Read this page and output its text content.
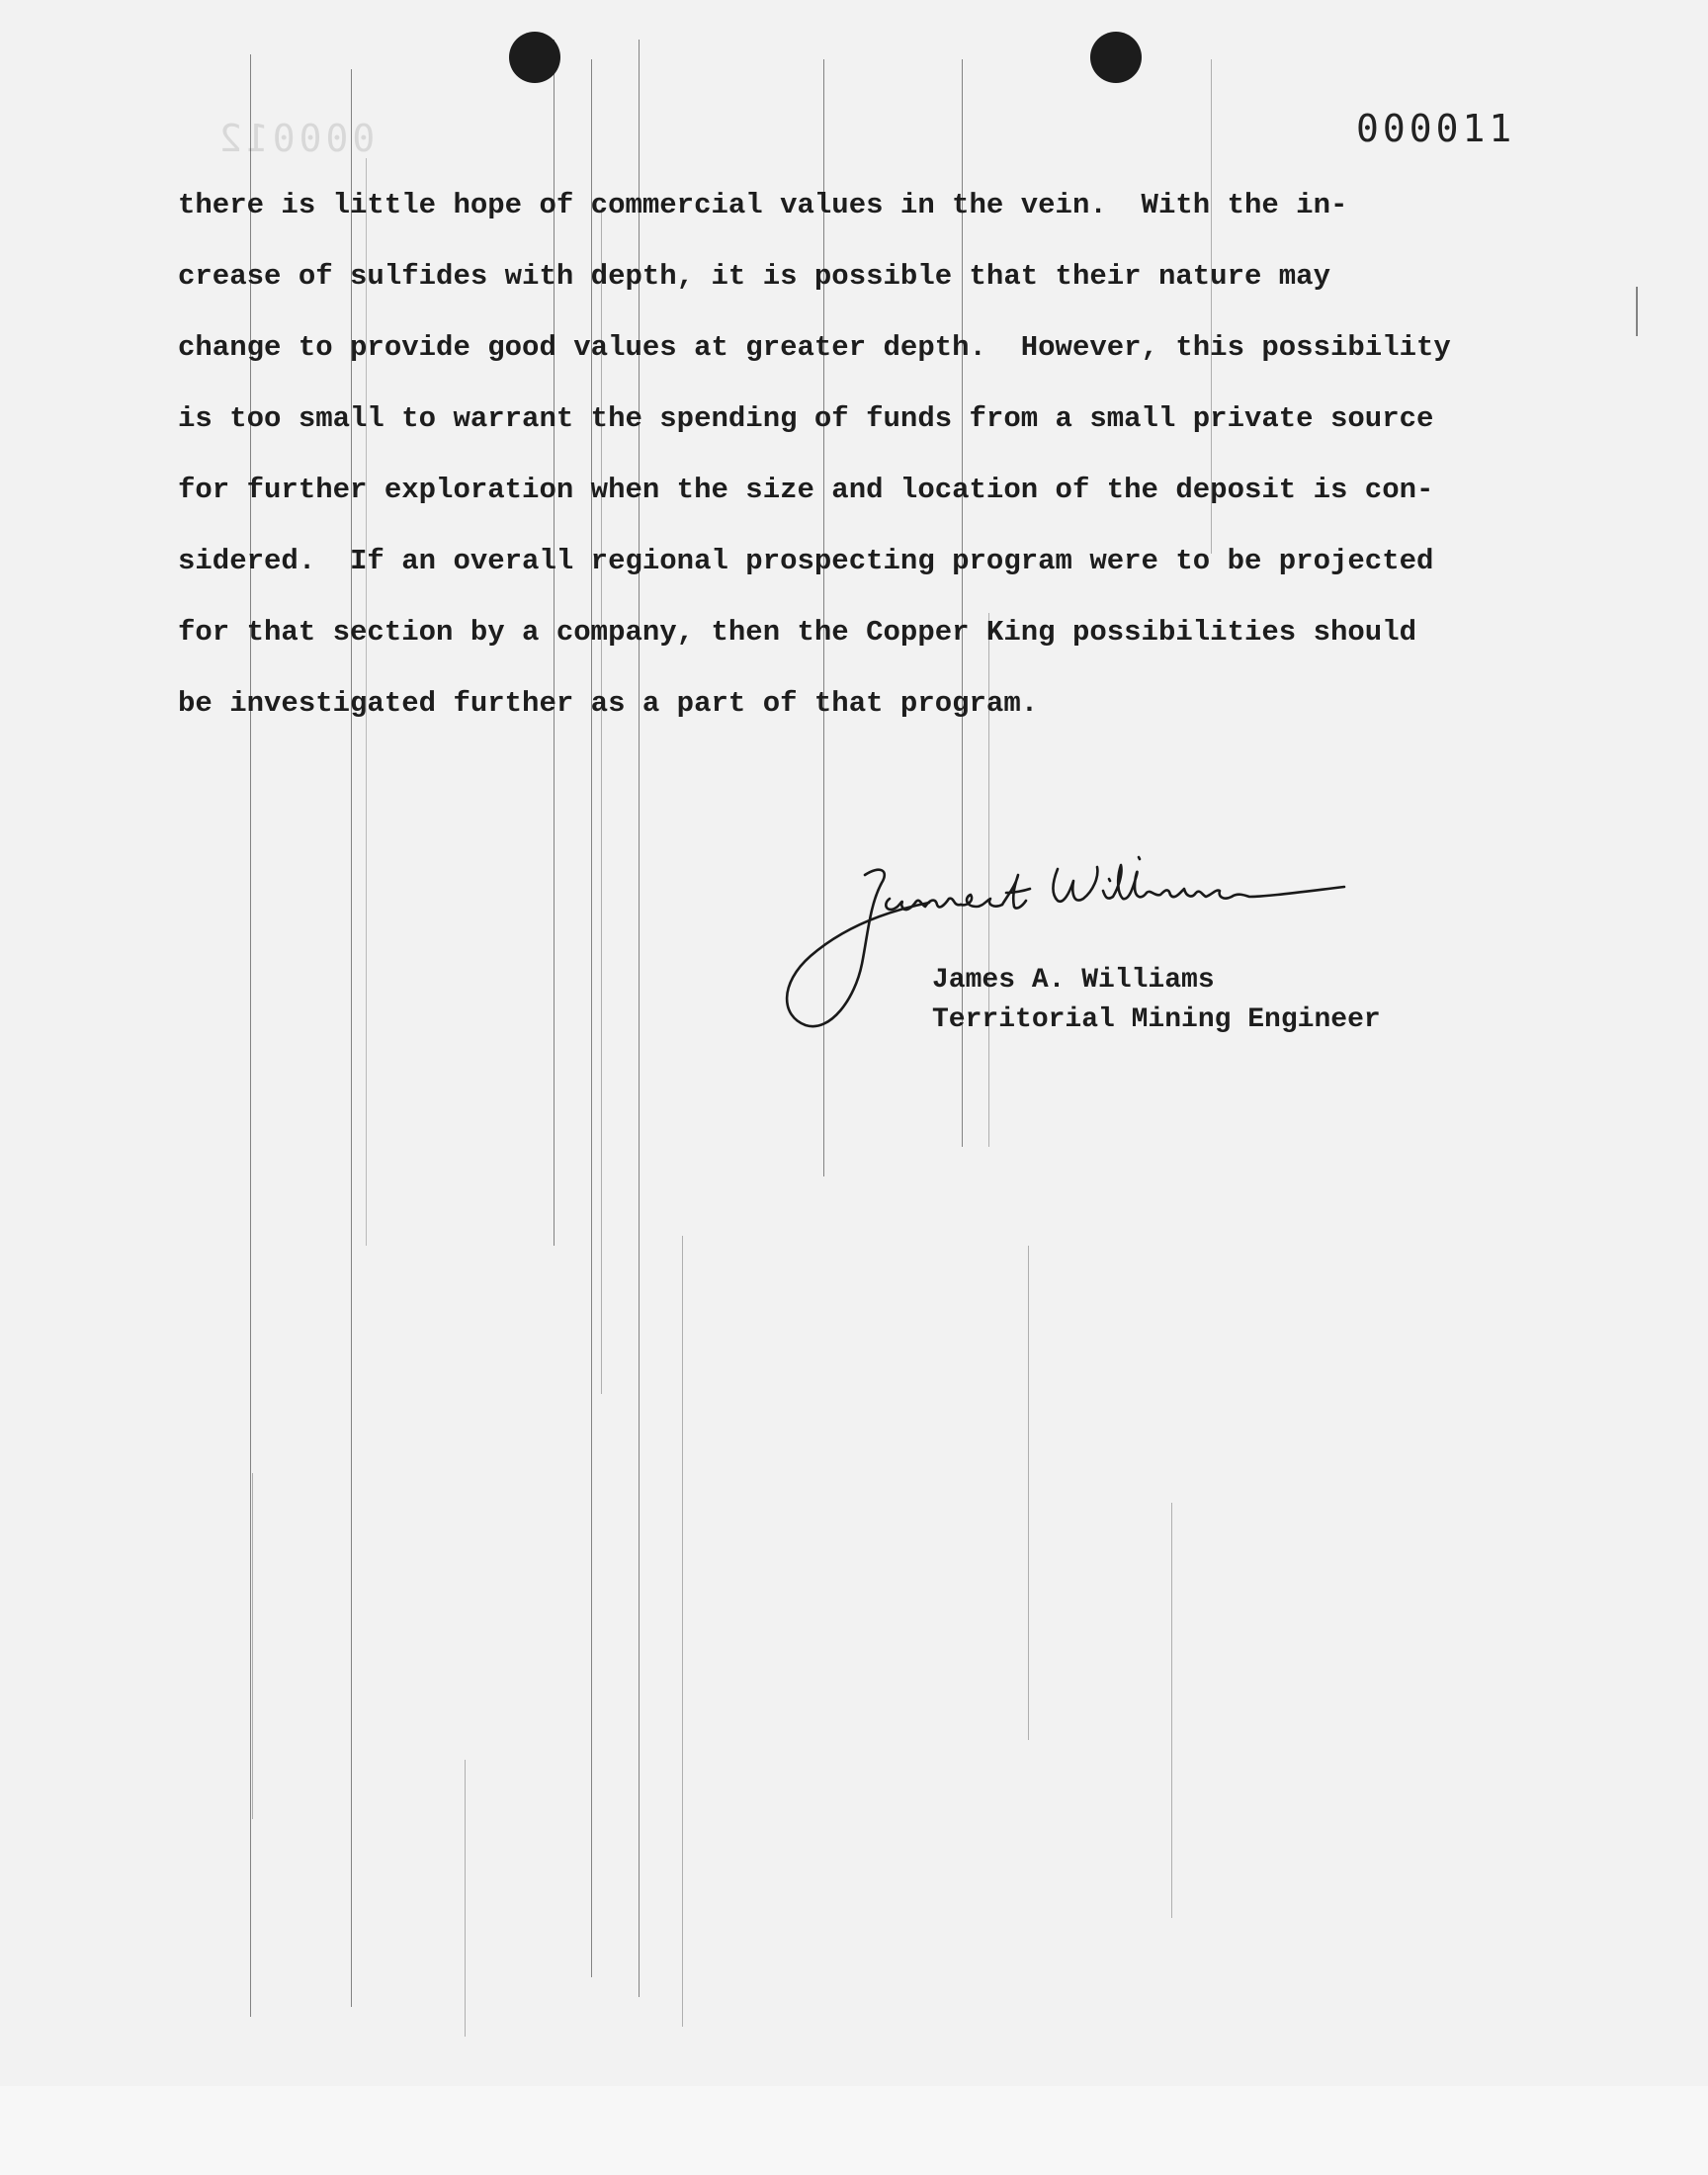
000012	000011
there is little hope of commercial values in the vein.  With the in-
crease of sulfides with depth, it is possible that their nature may
change to provide good values at greater depth.  However, this possibility
is too small to warrant the spending of funds from a small private source
for further exploration when the size and location of the deposit is con-
sidered.  If an overall regional prospecting program were to be projected
for that section by a company, then the Copper King possibilities should
be investigated further as a part of that program.
James A. Williams
Territorial Mining Engineer
